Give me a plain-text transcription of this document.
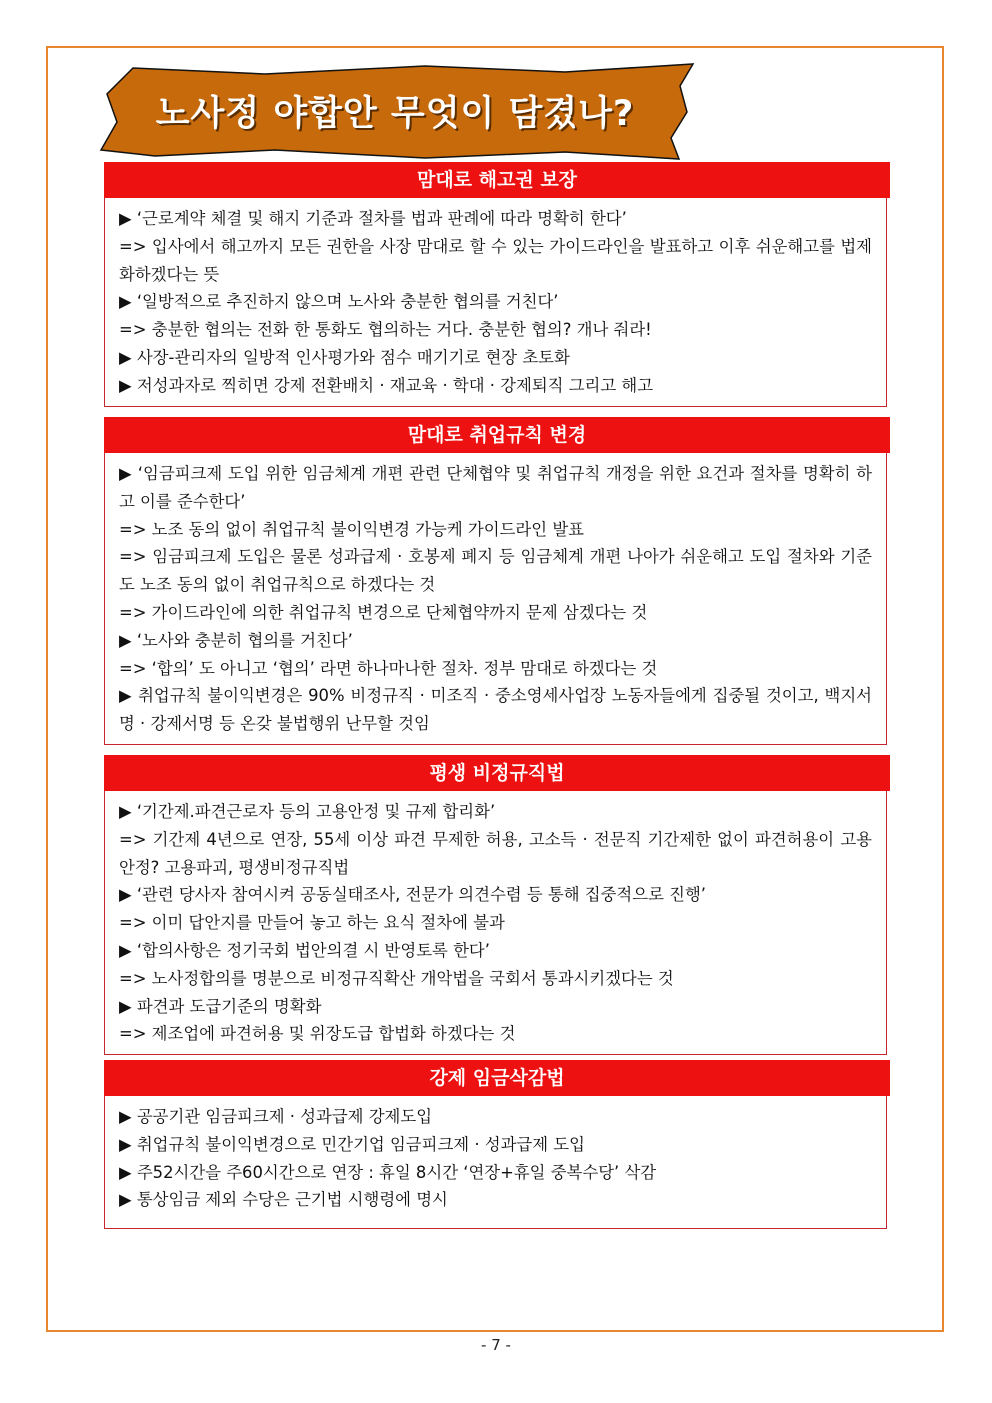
노사정 야합안 무엇이 담겼나?
맘대로 해고권 보장

▶ ‘근로계약 체결 및 해지 기준과 절차를 법과 판례에 따라 명확히 한다’

=> 입사에서 해고까지 모든 권한을 사장 맘대로 할 수 있는 가이드라인을 발표하고 이후 쉬운해고를 법제화하겠다는 뜻

▶ ‘일방적으로 추진하지 않으며 노사와 충분한 협의를 거친다’

=> 충분한 협의는 전화 한 통화도 협의하는 거다. 충분한 협의? 개나 줘라!

▶ 사장-관리자의 일방적 인사평가와 점수 매기기로 현장 초토화

▶ 저성과자로 찍히면 강제 전환배치 · 재교육 · 학대 · 강제퇴직 그리고 해고

맘대로 취업규칙 변경

▶ ‘임금피크제 도입 위한 임금체계 개편 관련 단체협약 및 취업규칙 개정을 위한 요건과 절차를 명확히 하고 이를 준수한다’

=> 노조 동의 없이 취업규칙 불이익변경 가능케 가이드라인 발표

=> 임금피크제 도입은 물론 성과급제 · 호봉제 폐지 등 임금체계 개편 나아가 쉬운해고 도입 절차와 기준도 노조 동의 없이 취업규칙으로 하겠다는 것

=> 가이드라인에 의한 취업규칙 변경으로 단체협약까지 문제 삼겠다는 것

▶ ‘노사와 충분히 협의를 거친다’

=> ‘합의’ 도 아니고 ‘협의’ 라면 하나마나한 절차. 정부 맘대로 하겠다는 것

▶ 취업규칙 불이익변경은 90% 비정규직 · 미조직 · 중소영세사업장 노동자들에게 집중될 것이고, 백지서명 · 강제서명 등 온갖 불법행위 난무할 것임

평생 비정규직법

▶ ‘기간제.파견근로자 등의 고용안정 및 규제 합리화’

=> 기간제 4년으로 연장, 55세 이상 파견 무제한 허용, 고소득 · 전문직 기간제한 없이 파견허용이 고용안정? 고용파괴, 평생비정규직법

▶ ‘관련 당사자 참여시켜 공동실태조사, 전문가 의견수렴 등 통해 집중적으로 진행’

=> 이미 답안지를 만들어 놓고 하는 요식 절차에 불과

▶ ‘합의사항은 정기국회 법안의결 시 반영토록 한다’

=> 노사정합의를 명분으로 비정규직확산 개악법을 국회서 통과시키겠다는 것

▶ 파견과 도급기준의 명확화

=> 제조업에 파견허용 및 위장도급 합법화 하겠다는 것

강제 임금삭감법

▶ 공공기관 임금피크제 · 성과급제 강제도입

▶ 취업규칙 불이익변경으로 민간기업 임금피크제 · 성과급제 도입

▶ 주52시간을 주60시간으로 연장 : 휴일 8시간 ‘연장+휴일 중복수당’ 삭감

▶ 통상임금 제외 수당은 근기법 시행령에 명시

- 7 -
